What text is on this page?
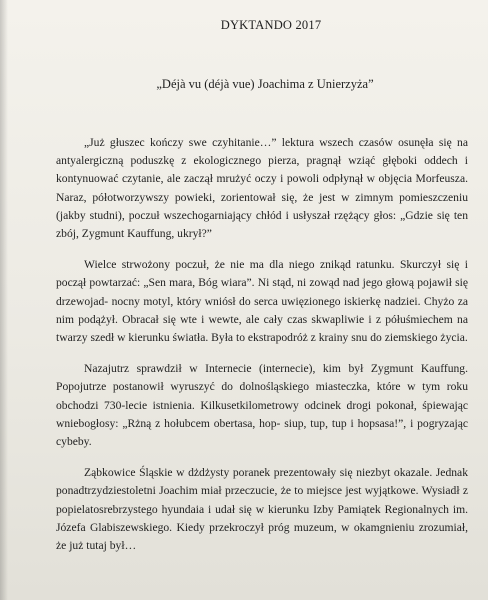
DYKTANDO 2017
„Déjà vu (déjà vue) Joachima z Unierzyża”

„Już głuszec kończy swe czyhitanie…” lektura wszech czasów osunęła się na antyalergiczną poduszkę z ekologicznego pierza, pragnął wziąć głęboki oddech i kontynuować czytanie, ale zaczął mrużyć oczy i powoli odpłynął w objęcia Morfeusza. Naraz, półotworzywszy powieki, zorientował się, że jest w zimnym pomieszczeniu (jakby studni), poczuł wszechogarniający chłód i usłyszał rzężący głos: „Gdzie się ten zbój, Zygmunt Kauffung, ukrył?”

Wielce strwożony poczuł, że nie ma dla niego znikąd ratunku. Skurczył się i począł powtarzać: „Sen mara, Bóg wiara”. Ni stąd, ni zowąd nad jego głową pojawił się drzewojad- nocny motyl, który wniósł do serca uwięzionego iskierkę nadziei. Chyżo za nim podążył. Obracał się wte i wewte, ale cały czas skwapliwie i z półuśmiechem na twarzy szedł w kierunku światła. Była to ekstrapodróż z krainy snu do ziemskiego życia.

Nazajutrz sprawdził w Internecie (internecie), kim był Zygmunt Kauffung. Popojutrze postanowił wyruszyć do dolnośląskiego miasteczka, które w tym roku obchodzi 730-lecie istnienia. Kilkusetkilometrowy odcinek drogi pokonał, śpiewając wniebogłosy: „Rżną z hołubcem obertasa, hop- siup, tup, tup i hopsasa!”, i pogryzając cybeby.

Ząbkowice Śląskie w dżdżysty poranek prezentowały się niezbyt okazale. Jednak ponadtrzydziestoletni Joachim miał przeczucie, że to miejsce jest wyjątkowe. Wysiadł z popielatosrebrzystego hyundaia i udał się w kierunku Izby Pamiątek Regionalnych im. Józefa Glabiszewskiego. Kiedy przekroczył próg muzeum, w okamgnieniu zrozumiał, że już tutaj był…
